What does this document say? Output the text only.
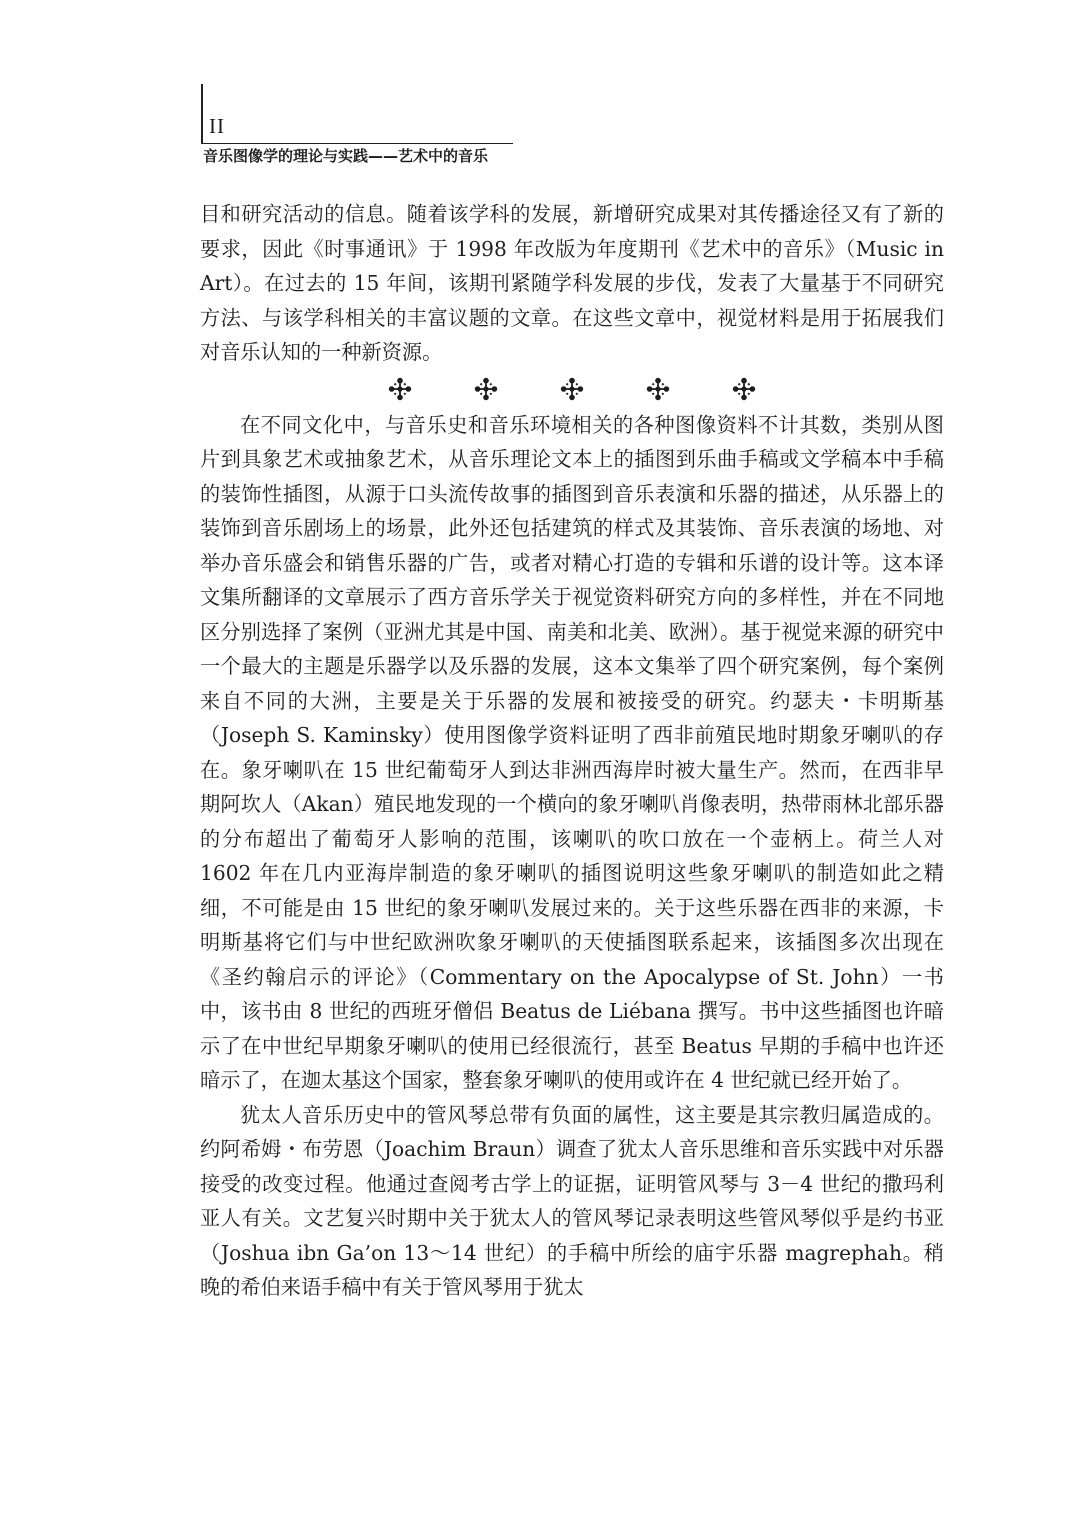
II
音乐图像学的理论与实践——艺术中的音乐

目和研究活动的信息。随着该学科的发展，新增研究成果对其传播途径又有了新的要求，因此《时事通讯》于 1998 年改版为年度期刊《艺术中的音乐》（Music in Art）。在过去的 15 年间，该期刊紧随学科发展的步伐，发表了大量基于不同研究方法、与该学科相关的丰富议题的文章。在这些文章中，视觉材料是用于拓展我们对音乐认知的一种新资源。

在不同文化中，与音乐史和音乐环境相关的各种图像资料不计其数，类别从图片到具象艺术或抽象艺术，从音乐理论文本上的插图到乐曲手稿或文学稿本中手稿的装饰性插图，从源于口头流传故事的插图到音乐表演和乐器的描述，从乐器上的装饰到音乐剧场上的场景，此外还包括建筑的样式及其装饰、音乐表演的场地、对举办音乐盛会和销售乐器的广告，或者对精心打造的专辑和乐谱的设计等。这本译文集所翻译的文章展示了西方音乐学关于视觉资料研究方向的多样性，并在不同地区分别选择了案例（亚洲尤其是中国、南美和北美、欧洲）。基于视觉来源的研究中一个最大的主题是乐器学以及乐器的发展，这本文集举了四个研究案例，每个案例来自不同的大洲，主要是关于乐器的发展和被接受的研究。约瑟夫・卡明斯基（Joseph S. Kaminsky）使用图像学资料证明了西非前殖民地时期象牙喇叭的存在。象牙喇叭在 15 世纪葡萄牙人到达非洲西海岸时被大量生产。然而，在西非早期阿坎人（Akan）殖民地发现的一个横向的象牙喇叭肖像表明，热带雨林北部乐器的分布超出了葡萄牙人影响的范围，该喇叭的吹口放在一个壶柄上。荷兰人对 1602 年在几内亚海岸制造的象牙喇叭的插图说明这些象牙喇叭的制造如此之精细，不可能是由 15 世纪的象牙喇叭发展过来的。关于这些乐器在西非的来源，卡明斯基将它们与中世纪欧洲吹象牙喇叭的天使插图联系起来，该插图多次出现在《圣约翰启示的评论》（Commentary on the Apocalypse of St. John）一书中，该书由 8 世纪的西班牙僧侣 Beatus de Liébana 撰写。书中这些插图也许暗示了在中世纪早期象牙喇叭的使用已经很流行，甚至 Beatus 早期的手稿中也许还暗示了，在迦太基这个国家，整套象牙喇叭的使用或许在 4 世纪就已经开始了。

犹太人音乐历史中的管风琴总带有负面的属性，这主要是其宗教归属造成的。约阿希姆・布劳恩（Joachim Braun）调查了犹太人音乐思维和音乐实践中对乐器接受的改变过程。他通过查阅考古学上的证据，证明管风琴与 3－4 世纪的撒玛利亚人有关。文艺复兴时期中关于犹太人的管风琴记录表明这些管风琴似乎是约书亚（Joshua ibn Ga’on 13～14 世纪）的手稿中所绘的庙宇乐器 magrephah。稍晚的希伯来语手稿中有关于管风琴用于犹太
